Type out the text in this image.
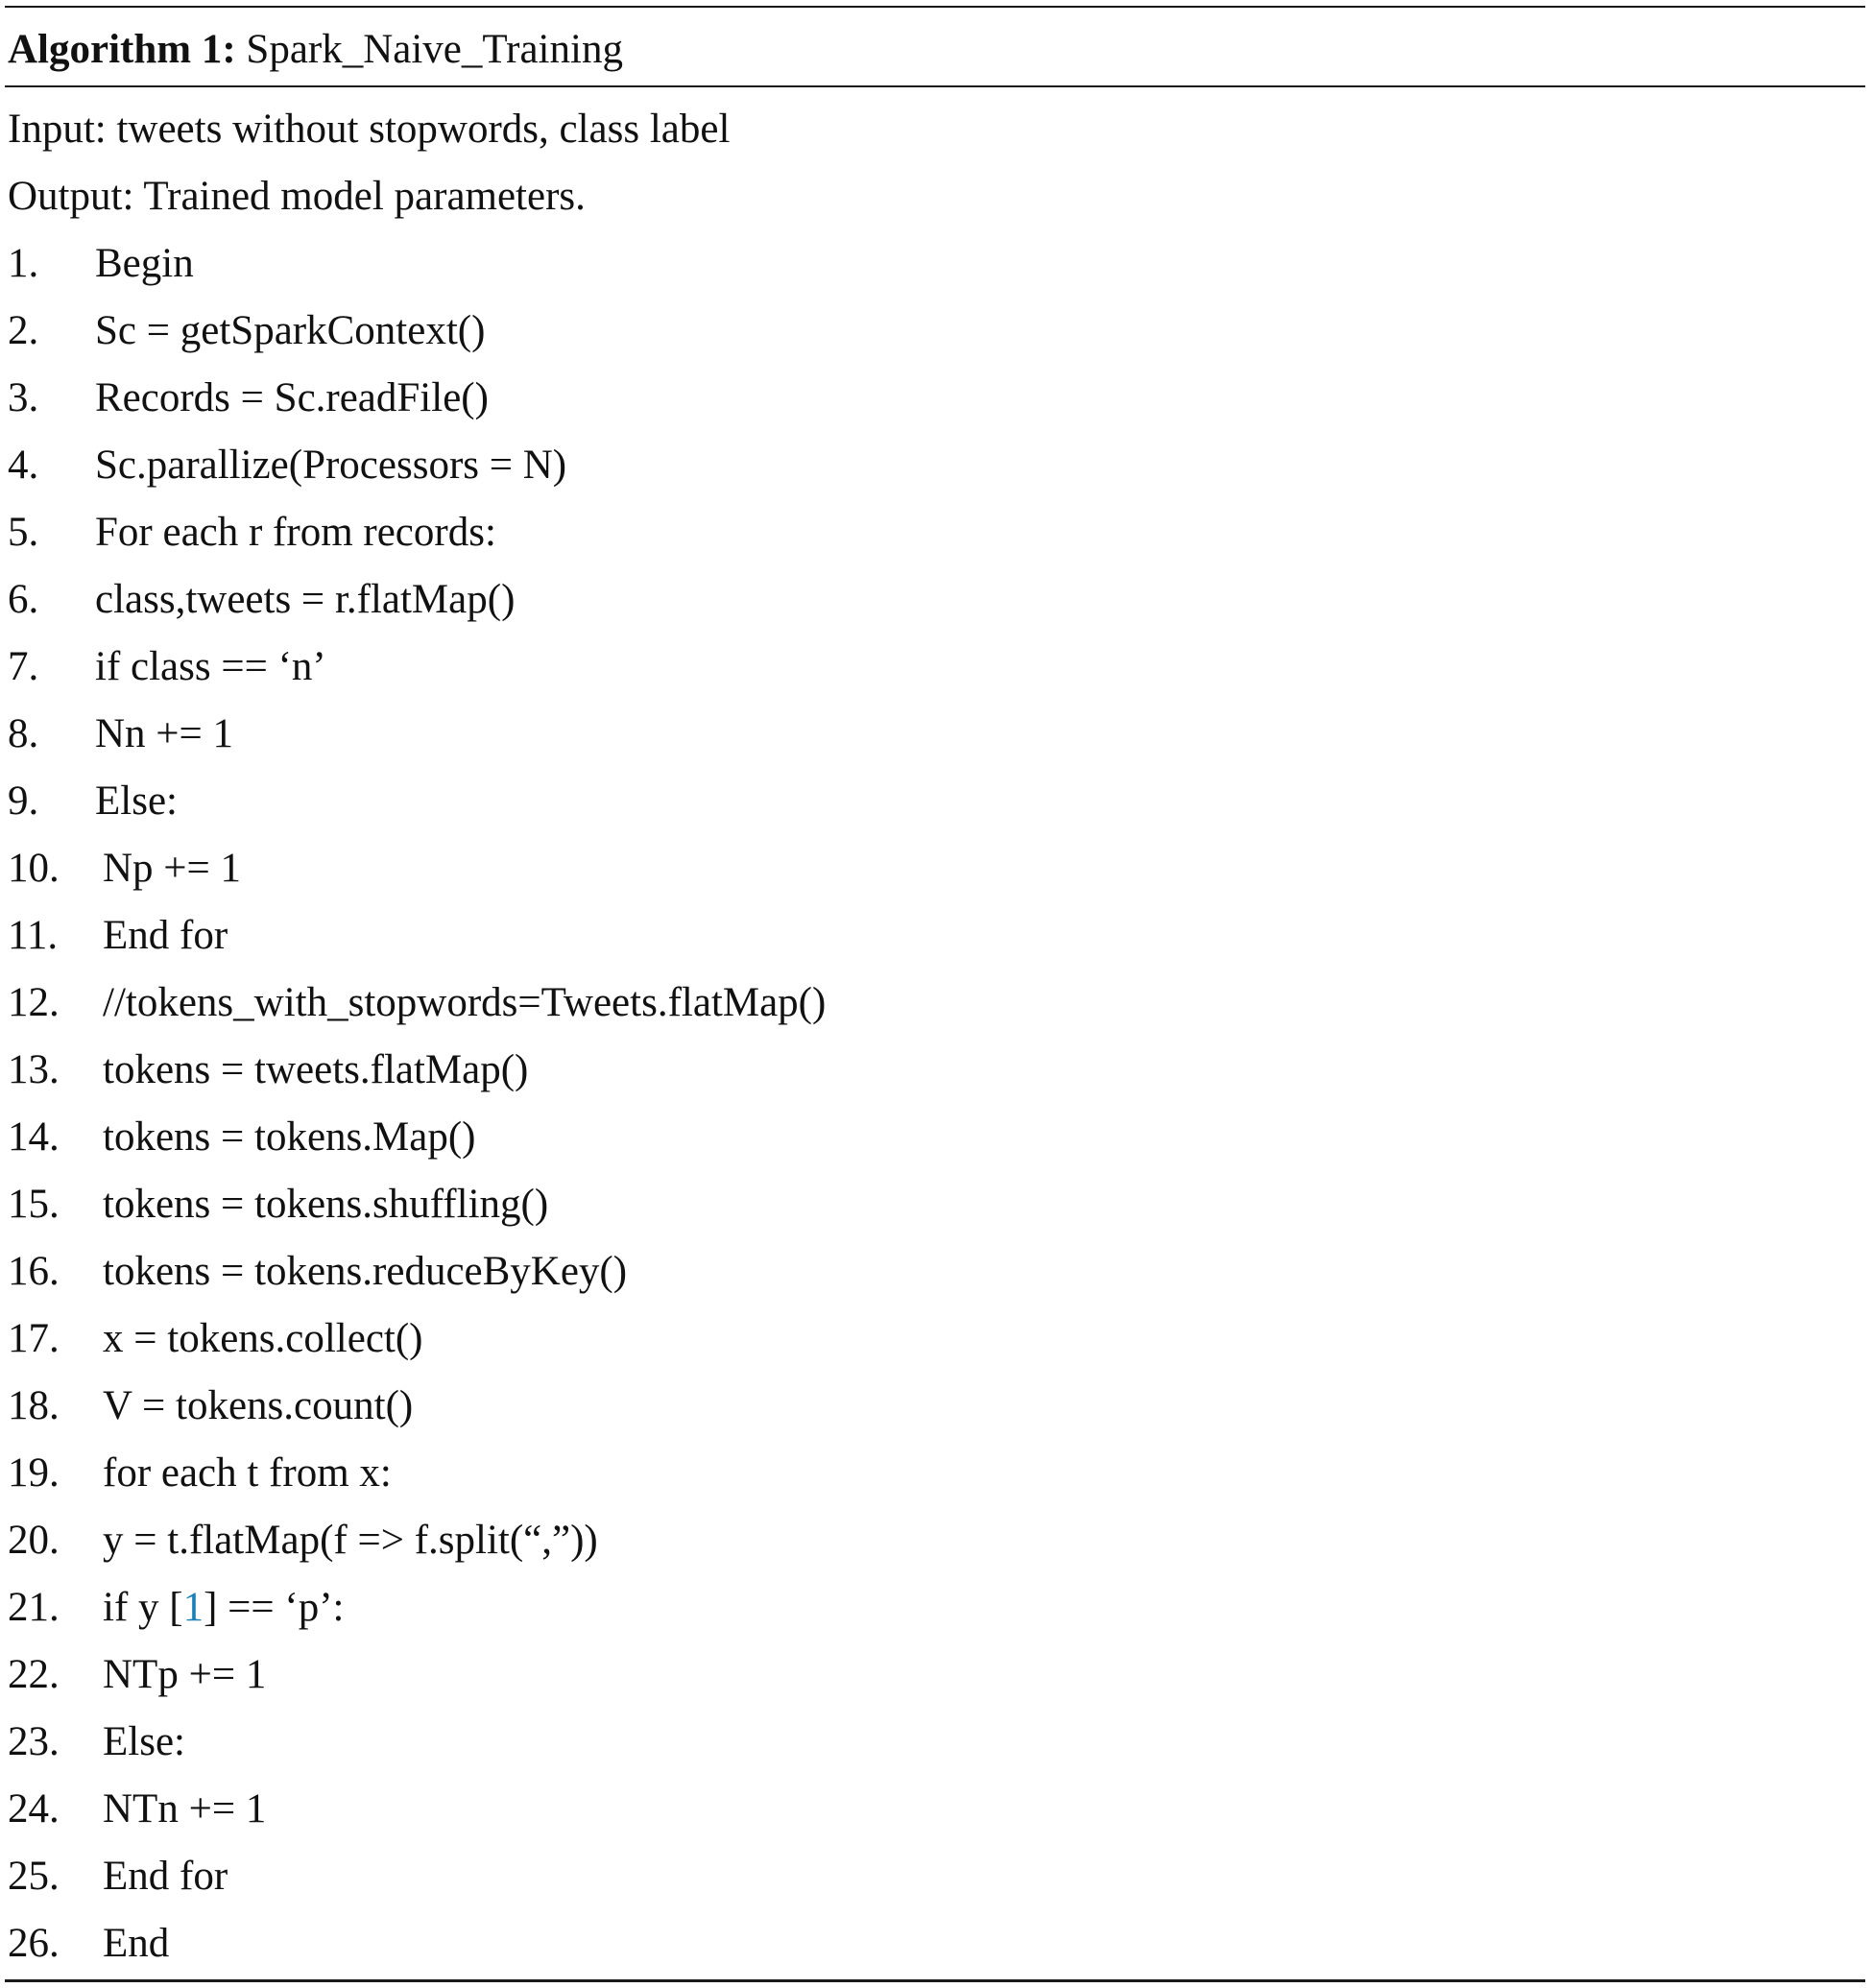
Algorithm 1: Spark_Naive_Training
Input: tweets without stopwords, class label
Output: Trained model parameters.
1. Begin
2. Sc = getSparkContext()
3. Records = Sc.readFile()
4. Sc.parallize(Processors = N)
5. For each r from records:
6. class,tweets = r.flatMap()
7. if class == ‘n’
8. Nn += 1
9. Else:
10. Np += 1
11. End for
12. //tokens_with_stopwords=Tweets.flatMap()
13. tokens = tweets.flatMap()
14. tokens = tokens.Map()
15. tokens = tokens.shuffling()
16. tokens = tokens.reduceByKey()
17. x = tokens.collect()
18. V = tokens.count()
19. for each t from x:
20. y = t.flatMap(f => f.split(“,”))
21. if y [1] == ‘p’:
22. NTp += 1
23. Else:
24. NTn += 1
25. End for
26. End
